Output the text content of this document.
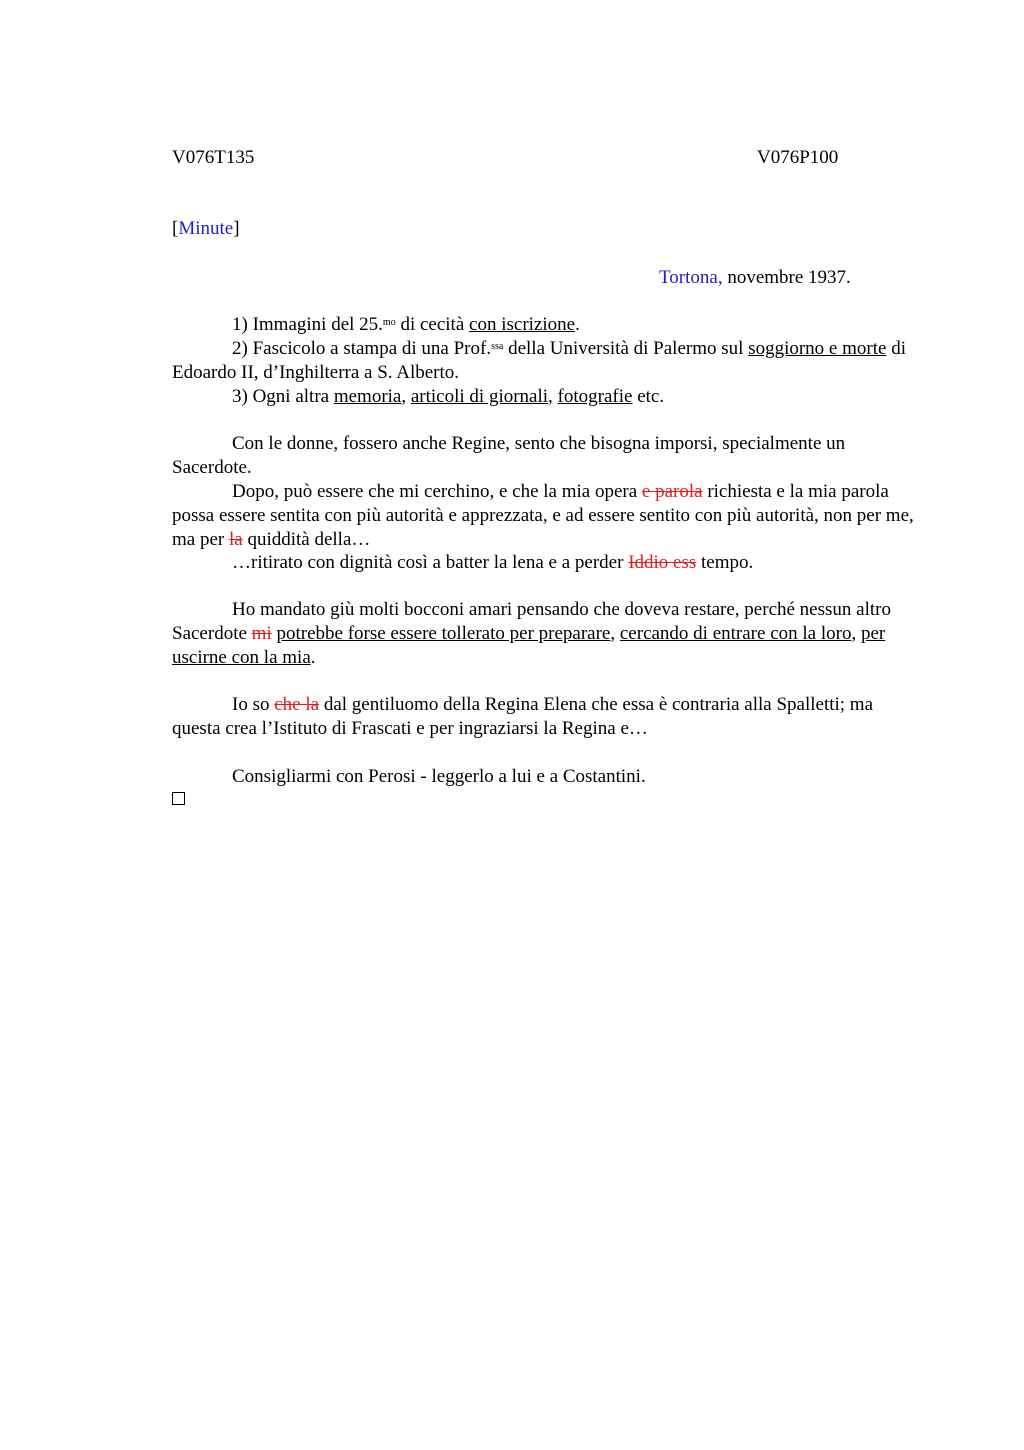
V076T135	V076P100
[Minute]
Tortona, novembre 1937.

1) Immagini del 25.$^{mo}$ di cecità con iscrizione.

2) Fascicolo a stampa di una Prof.$^{ssa}$ della Università di Palermo sul soggiorno e morte di Edoardo II, d’Inghilterra a S. Alberto.

3) Ogni altra memoria, articoli di giornali, fotografie etc.

Con le donne, fossero anche Regine, sento che bisogna imporsi, specialmente un Sacerdote.

Dopo, può essere che mi cerchino, e che la mia opera e parola richiesta e la mia parola possa essere sentita con più autorità e apprezzata, e ad essere sentito con più autorità, non per me, ma per la quiddità della…

…ritirato con dignità così a batter la lena e a perder Iddio ess tempo.

Ho mandato giù molti bocconi amari pensando che doveva restare, perché nessun altro Sacerdote mi potrebbe forse essere tollerato per preparare, cercando di entrare con la loro, per uscirne con la mia.

Io so che la dal gentiluomo della Regina Elena che essa è contraria alla Spalletti; ma questa crea l’Istituto di Frascati e per ingraziarsi la Regina e…

Consigliarmi con Perosi - leggerlo a lui e a Costantini.
